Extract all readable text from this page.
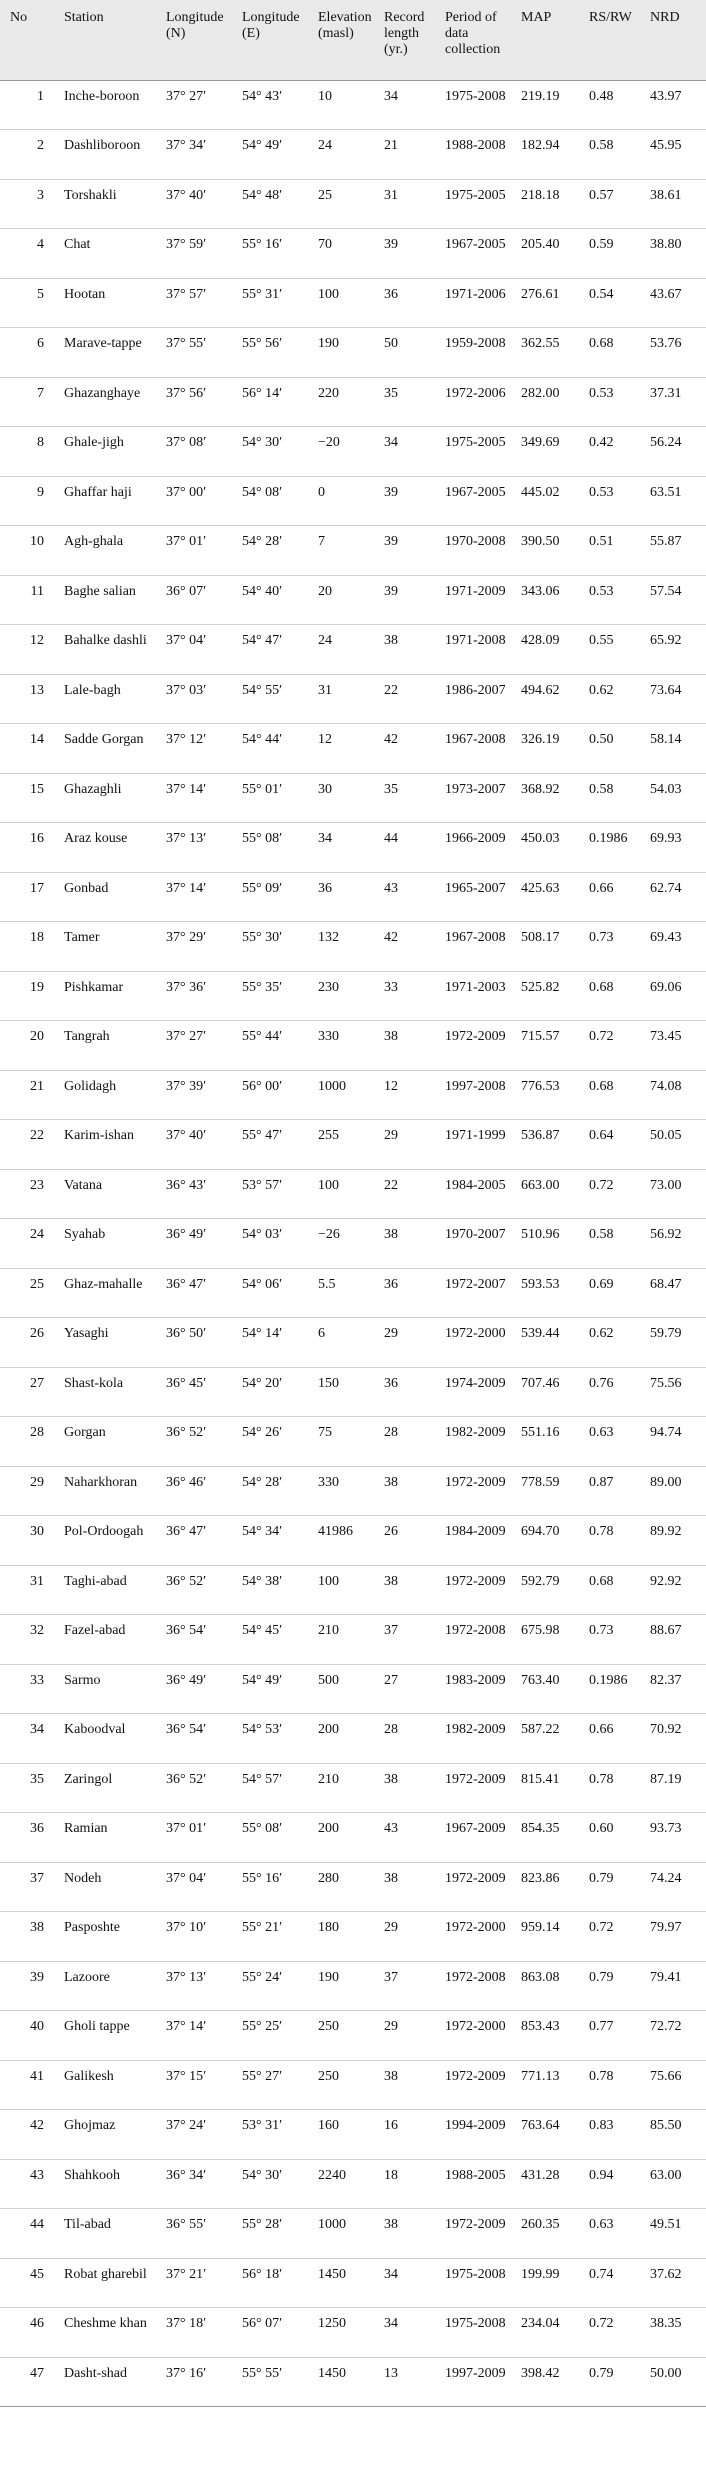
No	Station	Longitude (N)	Longitude (E)	Elevation (masl)	Record length (yr.)	Period of data collection	MAP	RS/RW	NRD
1	Inche-boroon	37° 27′	54° 43′	10	34	1975-2008	219.19	0.48	43.97
2	Dashliboroon	37° 34′	54° 49′	24	21	1988-2008	182.94	0.58	45.95
3	Torshakli	37° 40′	54° 48′	25	31	1975-2005	218.18	0.57	38.61
4	Chat	37° 59′	55° 16′	70	39	1967-2005	205.40	0.59	38.80
5	Hootan	37° 57′	55° 31′	100	36	1971-2006	276.61	0.54	43.67
6	Marave-tappe	37° 55′	55° 56′	190	50	1959-2008	362.55	0.68	53.76
7	Ghazanghaye	37° 56′	56° 14′	220	35	1972-2006	282.00	0.53	37.31
8	Ghale-jigh	37° 08′	54° 30′	−20	34	1975-2005	349.69	0.42	56.24
9	Ghaffar haji	37° 00′	54° 08′	0	39	1967-2005	445.02	0.53	63.51
10	Agh-ghala	37° 01′	54° 28′	7	39	1970-2008	390.50	0.51	55.87
11	Baghe salian	36° 07′	54° 40′	20	39	1971-2009	343.06	0.53	57.54
12	Bahalke dashli	37° 04′	54° 47′	24	38	1971-2008	428.09	0.55	65.92
13	Lale-bagh	37° 03′	54° 55′	31	22	1986-2007	494.62	0.62	73.64
14	Sadde Gorgan	37° 12′	54° 44′	12	42	1967-2008	326.19	0.50	58.14
15	Ghazaghli	37° 14′	55° 01′	30	35	1973-2007	368.92	0.58	54.03
16	Araz kouse	37° 13′	55° 08′	34	44	1966-2009	450.03	0.1986	69.93
17	Gonbad	37° 14′	55° 09′	36	43	1965-2007	425.63	0.66	62.74
18	Tamer	37° 29′	55° 30′	132	42	1967-2008	508.17	0.73	69.43
19	Pishkamar	37° 36′	55° 35′	230	33	1971-2003	525.82	0.68	69.06
20	Tangrah	37° 27′	55° 44′	330	38	1972-2009	715.57	0.72	73.45
21	Golidagh	37° 39′	56° 00′	1000	12	1997-2008	776.53	0.68	74.08
22	Karim-ishan	37° 40′	55° 47′	255	29	1971-1999	536.87	0.64	50.05
23	Vatana	36° 43′	53° 57′	100	22	1984-2005	663.00	0.72	73.00
24	Syahab	36° 49′	54° 03′	−26	38	1970-2007	510.96	0.58	56.92
25	Ghaz-mahalle	36° 47′	54° 06′	5.5	36	1972-2007	593.53	0.69	68.47
26	Yasaghi	36° 50′	54° 14′	6	29	1972-2000	539.44	0.62	59.79
27	Shast-kola	36° 45′	54° 20′	150	36	1974-2009	707.46	0.76	75.56
28	Gorgan	36° 52′	54° 26′	75	28	1982-2009	551.16	0.63	94.74
29	Naharkhoran	36° 46′	54° 28′	330	38	1972-2009	778.59	0.87	89.00
30	Pol-Ordoogah	36° 47′	54° 34′	41986	26	1984-2009	694.70	0.78	89.92
31	Taghi-abad	36° 52′	54° 38′	100	38	1972-2009	592.79	0.68	92.92
32	Fazel-abad	36° 54′	54° 45′	210	37	1972-2008	675.98	0.73	88.67
33	Sarmo	36° 49′	54° 49′	500	27	1983-2009	763.40	0.1986	82.37
34	Kaboodval	36° 54′	54° 53′	200	28	1982-2009	587.22	0.66	70.92
35	Zaringol	36° 52′	54° 57′	210	38	1972-2009	815.41	0.78	87.19
36	Ramian	37° 01′	55° 08′	200	43	1967-2009	854.35	0.60	93.73
37	Nodeh	37° 04′	55° 16′	280	38	1972-2009	823.86	0.79	74.24
38	Pasposhte	37° 10′	55° 21′	180	29	1972-2000	959.14	0.72	79.97
39	Lazoore	37° 13′	55° 24′	190	37	1972-2008	863.08	0.79	79.41
40	Gholi tappe	37° 14′	55° 25′	250	29	1972-2000	853.43	0.77	72.72
41	Galikesh	37° 15′	55° 27′	250	38	1972-2009	771.13	0.78	75.66
42	Ghojmaz	37° 24′	53° 31′	160	16	1994-2009	763.64	0.83	85.50
43	Shahkooh	36° 34′	54° 30′	2240	18	1988-2005	431.28	0.94	63.00
44	Til-abad	36° 55′	55° 28′	1000	38	1972-2009	260.35	0.63	49.51
45	Robat gharebil	37° 21′	56° 18′	1450	34	1975-2008	199.99	0.74	37.62
46	Cheshme khan	37° 18′	56° 07′	1250	34	1975-2008	234.04	0.72	38.35
47	Dasht-shad	37° 16′	55° 55′	1450	13	1997-2009	398.42	0.79	50.00
